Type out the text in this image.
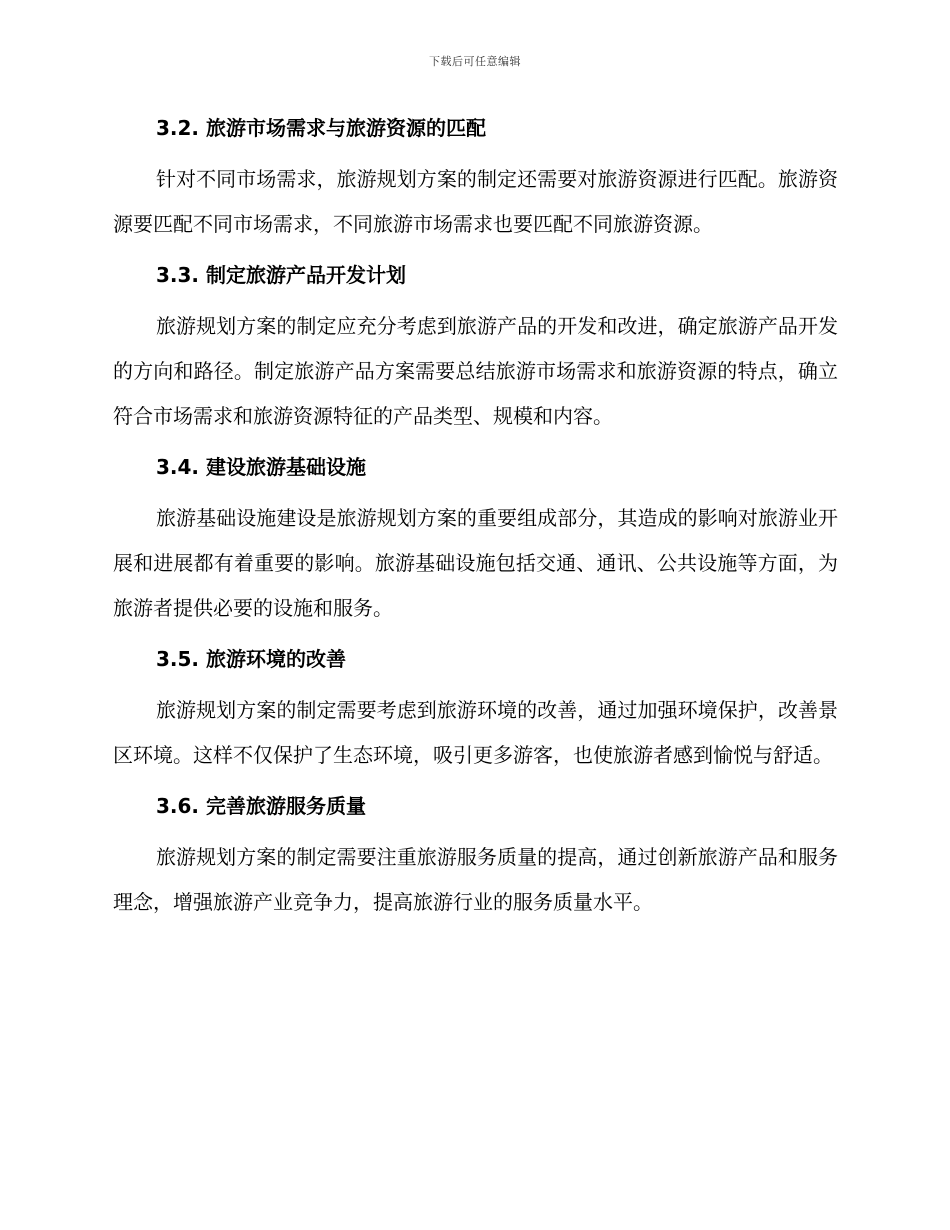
下载后可任意编辑
3.2. 旅游市场需求与旅游资源的匹配

针对不同市场需求，旅游规划方案的制定还需要对旅游资源进行匹配。旅游资源要匹配不同市场需求，不同旅游市场需求也要匹配不同旅游资源。

3.3. 制定旅游产品开发计划

旅游规划方案的制定应充分考虑到旅游产品的开发和改进，确定旅游产品开发的方向和路径。制定旅游产品方案需要总结旅游市场需求和旅游资源的特点，确立符合市场需求和旅游资源特征的产品类型、规模和内容。

3.4. 建设旅游基础设施

旅游基础设施建设是旅游规划方案的重要组成部分，其造成的影响对旅游业开展和进展都有着重要的影响。旅游基础设施包括交通、通讯、公共设施等方面，为旅游者提供必要的设施和服务。

3.5. 旅游环境的改善

旅游规划方案的制定需要考虑到旅游环境的改善，通过加强环境保护，改善景区环境。这样不仅保护了生态环境，吸引更多游客，也使旅游者感到愉悦与舒适。

3.6. 完善旅游服务质量

旅游规划方案的制定需要注重旅游服务质量的提高，通过创新旅游产品和服务理念，增强旅游产业竞争力，提高旅游行业的服务质量水平。
